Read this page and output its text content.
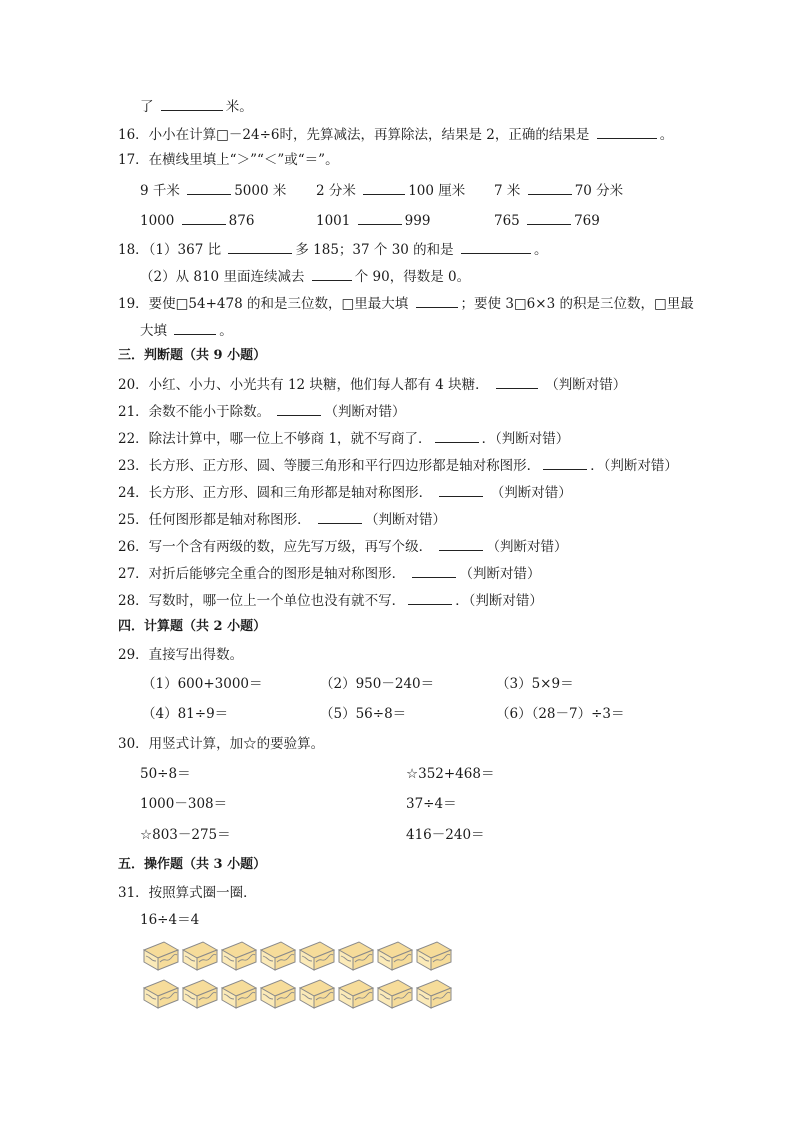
了	米。
16．小小在计算□－24÷6时，先算减法，再算除法，结果是 2，正确的结果是	。
17．在横线里填上“＞”“＜”或“＝”。
9 千米	5000 米 2 分米	100 厘米 7 米	70 分米
1000	876	1001	999	765	769
18．（1）367 比	多 185；37 个 30 的和是	。
（2）从 810 里面连续减去	个 90，得数是 0。
19．要使□54+478 的和是三位数，□里最大填	；要使 3□6×3 的积是三位数，□里最
大填	。
三．判断题（共 9 小题）
20．小红、小力、小光共有 12 块糖，他们每人都有 4 块糖．	（判断对错）
21．余数不能小于除数。	（判断对错）
22．除法计算中，哪一位上不够商 1，就不写商了．	．（判断对错）
23．长方形、正方形、圆、等腰三角形和平行四边形都是轴对称图形．	．（判断对错）
24．长方形、正方形、圆和三角形都是轴对称图形．	（判断对错）
25．任何图形都是轴对称图形．	（判断对错）
26．写一个含有两级的数，应先写万级，再写个级．	（判断对错）
27．对折后能够完全重合的图形是轴对称图形．	（判断对错）
28．写数时，哪一位上一个单位也没有就不写．	．（判断对错）
四．计算题（共 2 小题）
29．直接写出得数。
（1）600+3000＝	（2）950－240＝	（3）5×9＝
（4）81÷9＝	（5）56÷8＝	（6）（28－7）÷3＝
30．用竖式计算，加☆的要验算。
50÷8＝	☆352+468＝
1000－308＝	37÷4＝
☆803－275＝	416－240＝
五．操作题（共 3 小题）
31．按照算式圈一圈．
16÷4＝4
